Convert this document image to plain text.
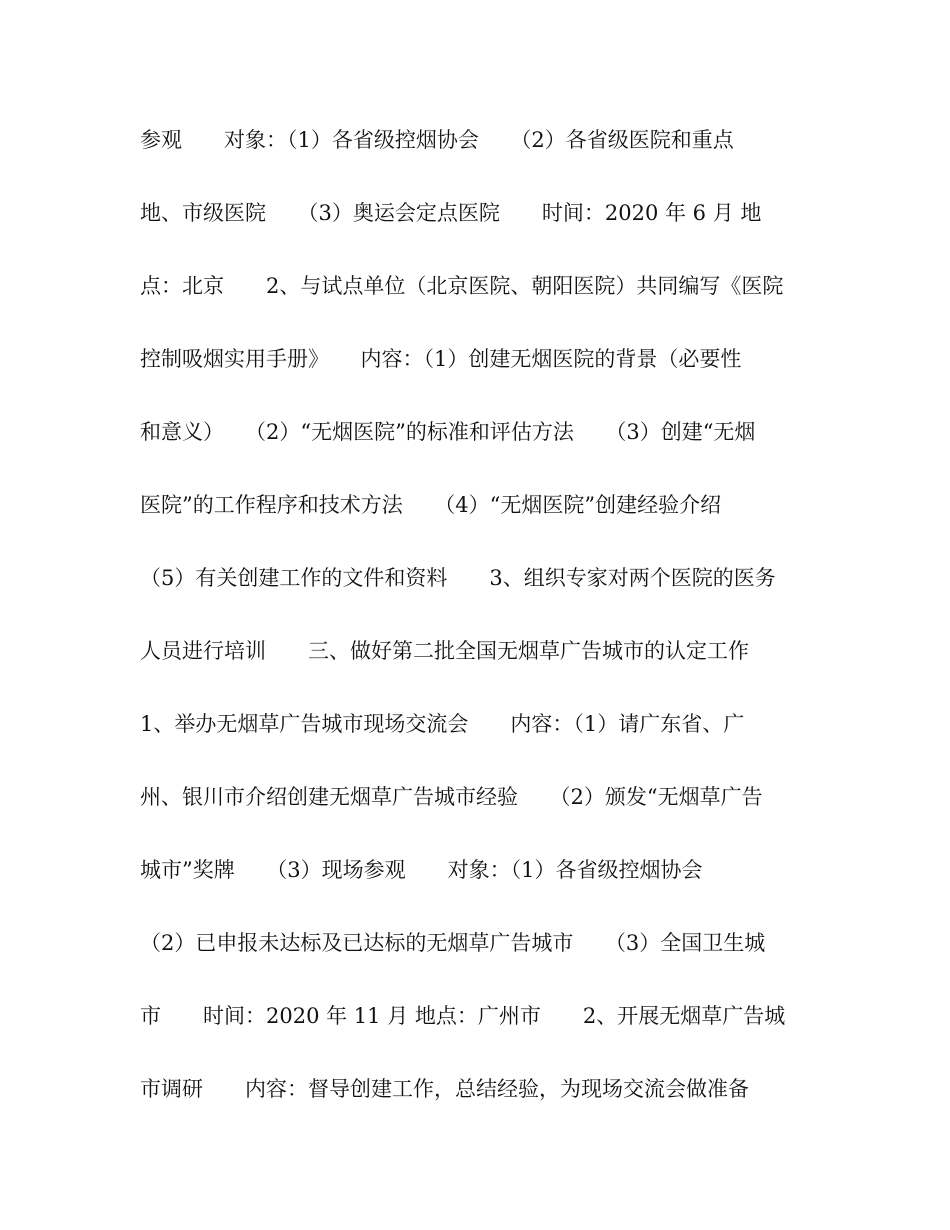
参观　　对象：（1）各省级控烟协会　　（2）各省级医院和重点
地、市级医院　　（3）奥运会定点医院　　时间：2020 年 6 月 地
点：北京　　2、与试点单位（北京医院、朝阳医院）共同编写《医院
控制吸烟实用手册》　　内容：（1）创建无烟医院的背景（必要性
和意义）　　（2）“无烟医院”的标准和评估方法　　（3）创建“无烟
医院”的工作程序和技术方法　　（4）“无烟医院”创建经验介绍
（5）有关创建工作的文件和资料　　3、组织专家对两个医院的医务
人员进行培训　　三、做好第二批全国无烟草广告城市的认定工作
1、举办无烟草广告城市现场交流会　　内容：（1）请广东省、广
州、银川市介绍创建无烟草广告城市经验　　（2）颁发“无烟草广告
城市”奖牌　　（3）现场参观　　对象：（1）各省级控烟协会
（2）已申报未达标及已达标的无烟草广告城市　　（3）全国卫生城
市　　时间：2020 年 11 月 地点：广州市　　2、开展无烟草广告城
市调研　　内容：督导创建工作，总结经验，为现场交流会做准备
